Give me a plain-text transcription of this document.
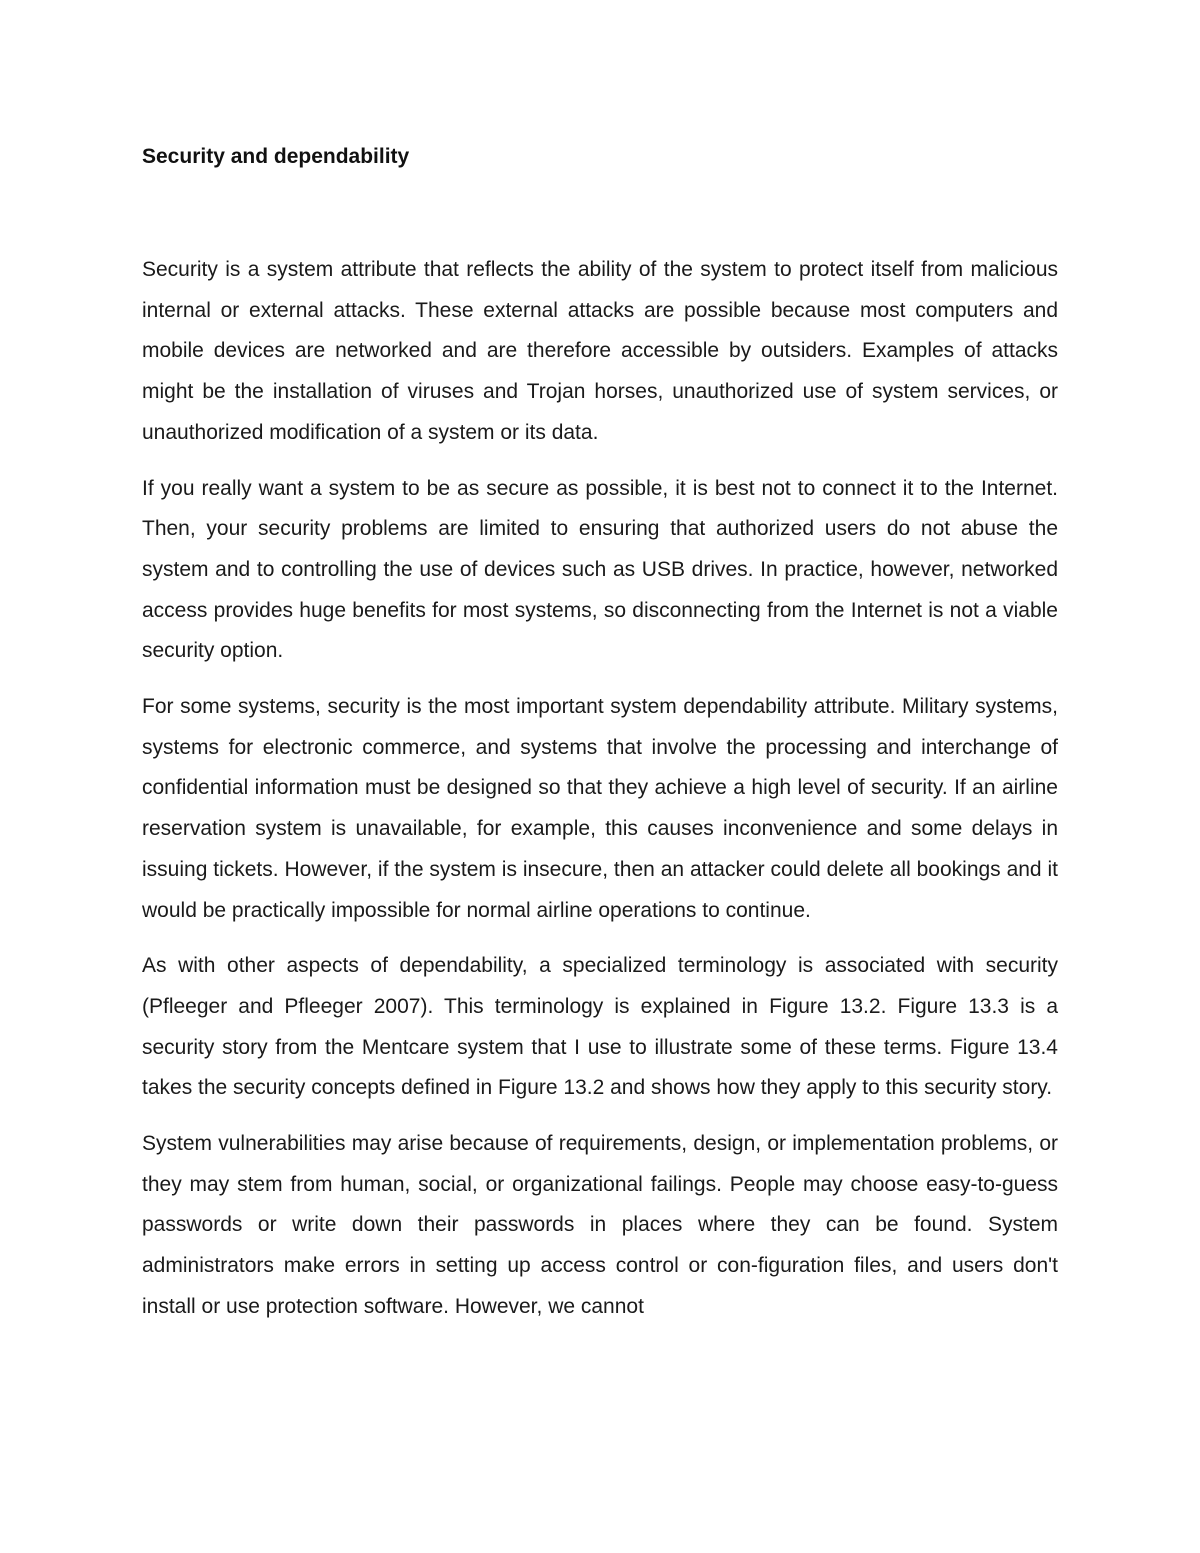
Security and dependability

Security is a system attribute that reflects the ability of the system to protect itself from malicious internal or external attacks. These external attacks are possible because most computers and mobile devices are networked and are therefore accessible by outsiders. Examples of attacks might be the installation of viruses and Trojan horses, unauthorized use of system services, or unauthorized modification of a system or its data.

If you really want a system to be as secure as possible, it is best not to connect it to the Internet. Then, your security problems are limited to ensuring that authorized users do not abuse the system and to controlling the use of devices such as USB drives. In practice, however, networked access provides huge benefits for most systems, so disconnecting from the Internet is not a viable security option.

For some systems, security is the most important system dependability attribute. Military systems, systems for electronic commerce, and systems that involve the processing and interchange of confidential information must be designed so that they achieve a high level of security. If an airline reservation system is unavailable, for example, this causes inconvenience and some delays in issuing tickets. However, if the system is insecure, then an attacker could delete all bookings and it would be practically impossible for normal airline operations to continue.

As with other aspects of dependability, a specialized terminology is associated with security (Pfleeger and Pfleeger 2007). This terminology is explained in Figure 13.2. Figure 13.3 is a security story from the Mentcare system that I use to illustrate some of these terms. Figure 13.4 takes the security concepts defined in Figure 13.2 and shows how they apply to this security story.

System vulnerabilities may arise because of requirements, design, or implementation problems, or they may stem from human, social, or organizational failings. People may choose easy-to-guess passwords or write down their passwords in places where they can be found. System administrators make errors in setting up access control or con-figuration files, and users don't install or use protection software. However, we cannot
